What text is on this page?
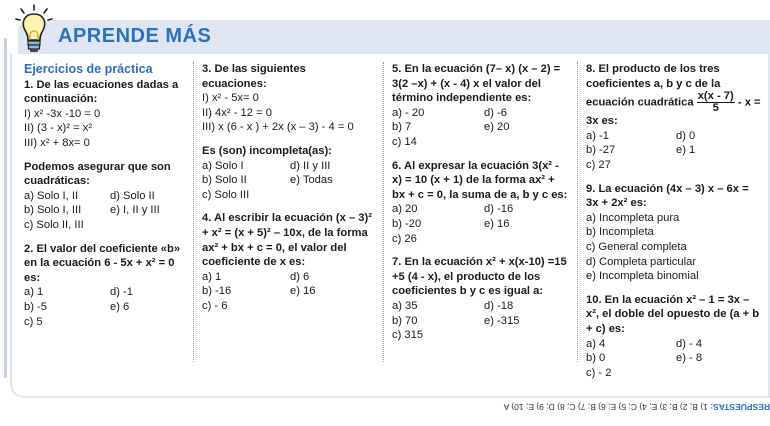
APRENDE MÁS

Ejercicios de práctica

1. De las ecuaciones dadas a continuación:

I) x² -3x -10 = 0

II) (3 - x)² = x²

III) x² + 8x= 0

Podemos asegurar que son cuadráticas:

a) Solo I, II	d) Solo II
b) Solo I, III	e) I, II y III

c) Solo II, III

2. El valor del coeficiente «b» en la ecuación 6 - 5x + x² = 0 es:

a) 1	d) -1
b) -5	e) 6

c) 5

3. De las siguientes ecuaciones:

I) x² - 5x= 0

II) 4x² - 12 = 0

III) x (6 - x ) + 2x (x – 3) - 4 = 0

Es (son) incompleta(as):

a) Solo I	d) II y III
b) Solo II	e) Todas

c) Solo III

4. Al escribir la ecuación (x – 3)² + x² = (x + 5)² – 10x, de la forma ax² + bx + c = 0, el valor del coeficiente de x es:

a) 1	d) 6
b) -16	e) 16

c) - 6

5. En la ecuación (7– x) (x – 2) = 3(2 –x) + (x - 4) x el valor del término independiente es:

a) - 20	d) -6
b) 7	e) 20

c) 14

6. Al expresar la ecuación 3(x² - x) = 10 (x + 1) de la forma ax² + bx + c = 0, la suma de a, b y c es:

a) 20	d) -16
b) -20	e) 16

c) 26

7. En la ecuación x² + x(x-10) =15 +5 (4 - x), el producto de los coeficientes b y c es igual a:

a) 35	d) -18
b) 70	e) -315

c) 315

8. El producto de los tres coeficientes a, b y c de la ecuación cuadrática $\frac{x(x - 7)}{5} - x = 3x$ es:

a) -1	d) 0
b) -27	e) 1

c) 27

9. La ecuación (4x – 3) x – 6x = 3x + 2x² es:

a) Incompleta pura

b) Incompleta

c) General completa

d) Completa particular

e) Incompleta binomial

10. En la ecuación x² – 1 = 3x – x², el doble del opuesto de (a + b + c) es:

a) 4	d) - 4
b) 0	e) - 8

c) - 2

RESPUESTAS: 1) B; 2) B; 3) E; 4) C; 5) E; 6) B; 7) C; 8) D; 9) E; 10) A
